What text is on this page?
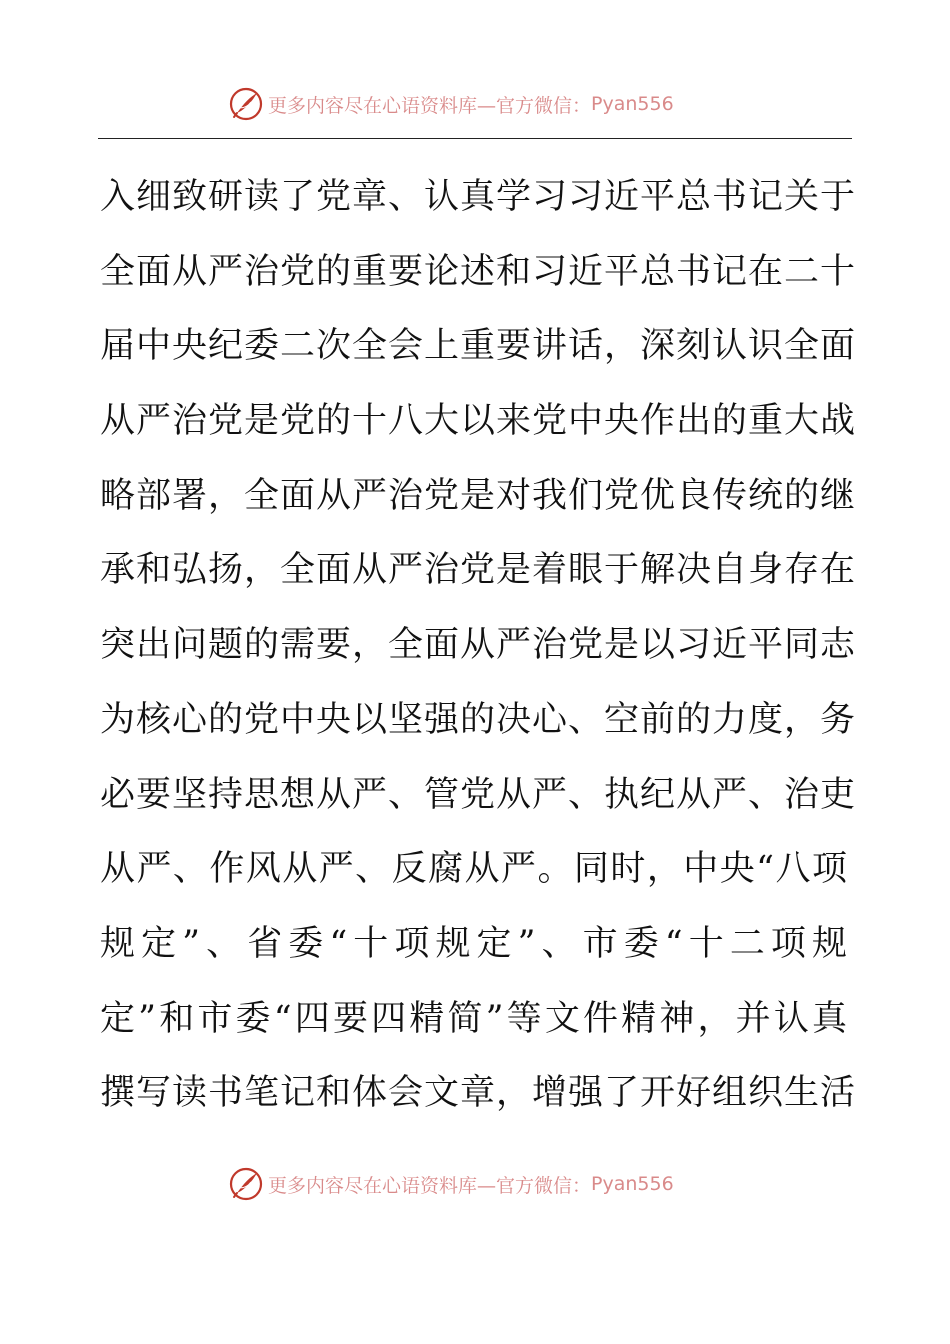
更多内容尽在心语资料库—官方微信： Pyan556
入细致研读了党章、认真学习习近平总书记关于
全面从严治党的重要论述和习近平总书记在二十
届中央纪委二次全会上重要讲话，深刻认识全面
从严治党是党的十八大以来党中央作出的重大战
略部署，全面从严治党是对我们党优良传统的继
承和弘扬，全面从严治党是着眼于解决自身存在
突出问题的需要，全面从严治党是以习近平同志
为核心的党中央以坚强的决心、空前的力度，务
必要坚持思想从严、管党从严、执纪从严、治吏
从严、作风从严、反腐从严。同时，中央“八项
规定”、省委“十项规定”、市委“十二项规
定”和市委“四要四精简”等文件精神，并认真
撰写读书笔记和体会文章，增强了开好组织生活
更多内容尽在心语资料库—官方微信： Pyan556
